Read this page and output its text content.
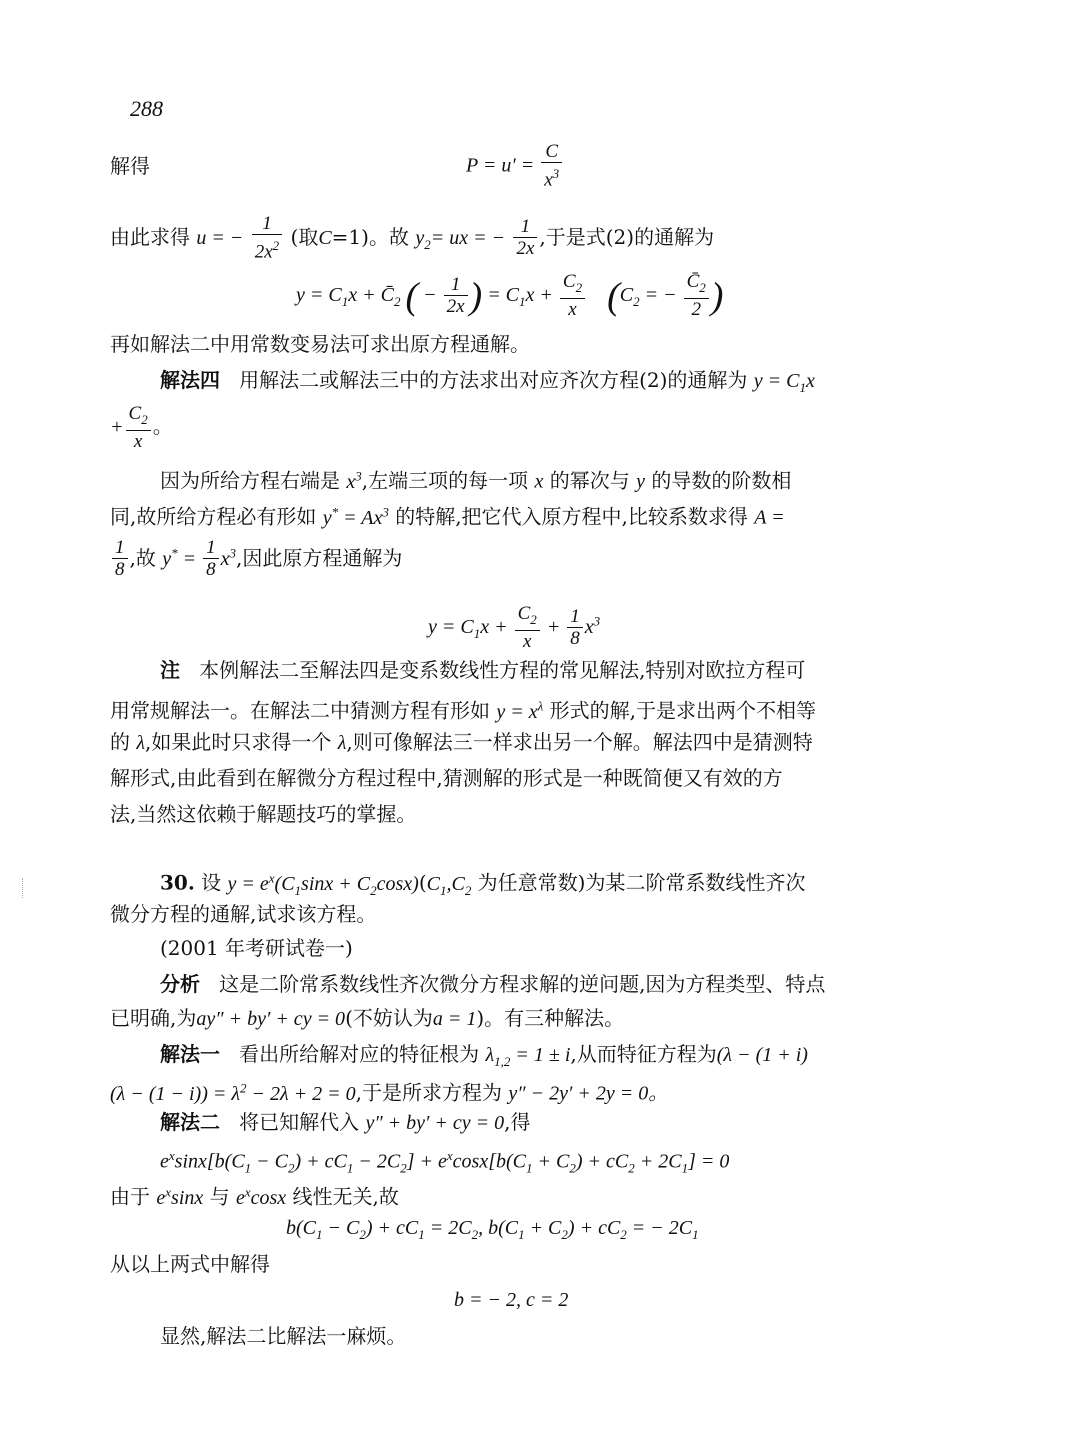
288
解得	$P = u' = \frac{C}{x^3}$
由此求得 u = − $\frac{1}{2x^2}$ (取C=1)。故 $y_2=$ ux = − $\frac{1}{2x}$ ,于是式(2)的通解为
$y = C_1x$ + $C̄_2$ ( − $\frac{1}{2x}$ ) = $C_1x + \frac{C_2}{x} (C_2$ = − $\frac{C̄_2}{2}$ )
再如解法二中用常数变易法可求出原方程通解。
解法四 用解法二或解法三中的方法求出对应齐次方程(2)的通解为 $y = C_1x$
+ $\frac{C_2}{x}$ 。
因为所给方程右端是 $x^3$,左端三项的每一项 x 的幂次与 y 的导数的阶数相
同,故所给方程必有形如 $y^* = Ax^3$ 的特解,把它代入原方程中,比较系数求得 A =
$\frac{1}{8}$ ,故 $y^* = \frac{1}{8} x^3$,因此原方程通解为
$y = C_1x + \frac{C_2}{x} + \frac{1}{8} x^3$
注 本例解法二至解法四是变系数线性方程的常见解法,特别对欧拉方程可
用常规解法一。在解法二中猜测方程有形如 $y = x^\lambda$ 形式的解,于是求出两个不相等
的 λ,如果此时只求得一个 λ,则可像解法三一样求出另一个解。解法四中是猜测特
解形式,由此看到在解微分方程过程中,猜测解的形式是一种既简便又有效的方
法,当然这依赖于解题技巧的掌握。
30. 设 $y = e^x(C_1\sin x + C_2\cos x)(C_1,C_2$ 为任意常数)为某二阶常系数线性齐次
微分方程的通解,试求该方程。
(2001 年考研试卷一)
分析 这是二阶常系数线性齐次微分方程求解的逆问题,因为方程类型、特点
已明确,为ay″ + by′ + cy = 0(不妨认为a = 1)。有三种解法。
解法一 看出所给解对应的特征根为 $\lambda_{1,2} = 1 \pm i$,从而特征方程为(λ − (1 + i)
$(\lambda - (1 - i)) = \lambda^2 - 2\lambda + 2 = 0$,于是所求方程为 y″ − 2y′ + 2y = 0。
解法二 将已知解代入 y″ + by′ + cy = 0,得
$e^x\sin x[b(C_1 - C_2) + cC_1 - 2C_2] + e^x\cos x[b(C_1 + C_2) + cC_2 + 2C_1] = 0$
由于 $e^x\sin x$ 与 $e^x\cos x$ 线性无关,故
$b(C_1 - C_2) + cC_1 = 2C_2$, $b(C_1 + C_2) + cC_2$ = − $2C_1$
从以上两式中解得
b = − 2, c = 2
显然,解法二比解法一麻烦。
